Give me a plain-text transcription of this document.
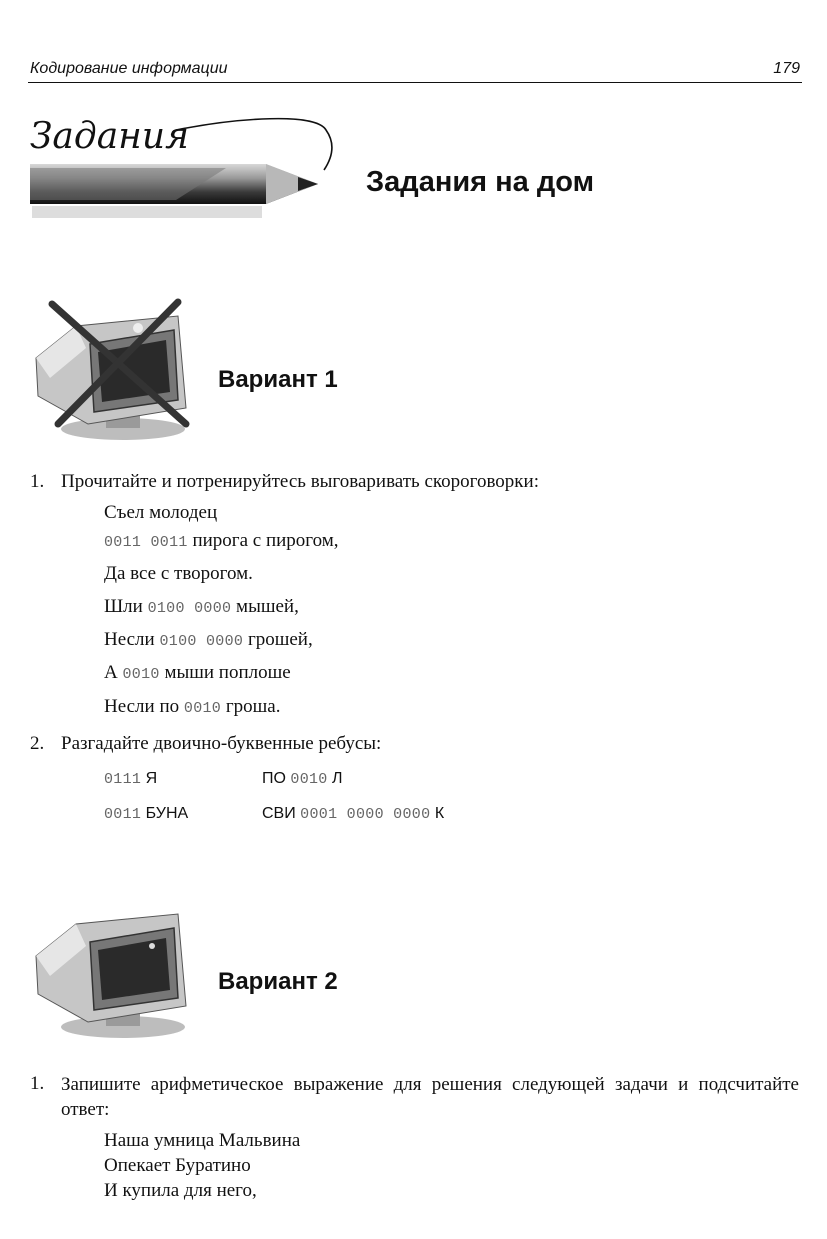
Кодирование информации	179
Задания
Задания на дом
Вариант 1
1. Прочитайте и потренируйтесь выговаривать скороговорки:
Съел молодец
0011 0011 пирога с пирогом,
Да все с творогом.
Шли 0100 0000 мышей,
Несли 0100 0000 грошей,
А 0010 мыши поплоше
Несли по 0010 гроша.
2. Разгадайте двоично-буквенные ребусы:
0111 Я	ПО 0010 Л
0011 БУНА	СВИ 0001 0000 0000 К
Вариант 2
1. Запишите арифметическое выражение для решения следующей задачи и подсчитайте ответ:
Наша умница Мальвина
Опекает Буратино
И купила для него,
